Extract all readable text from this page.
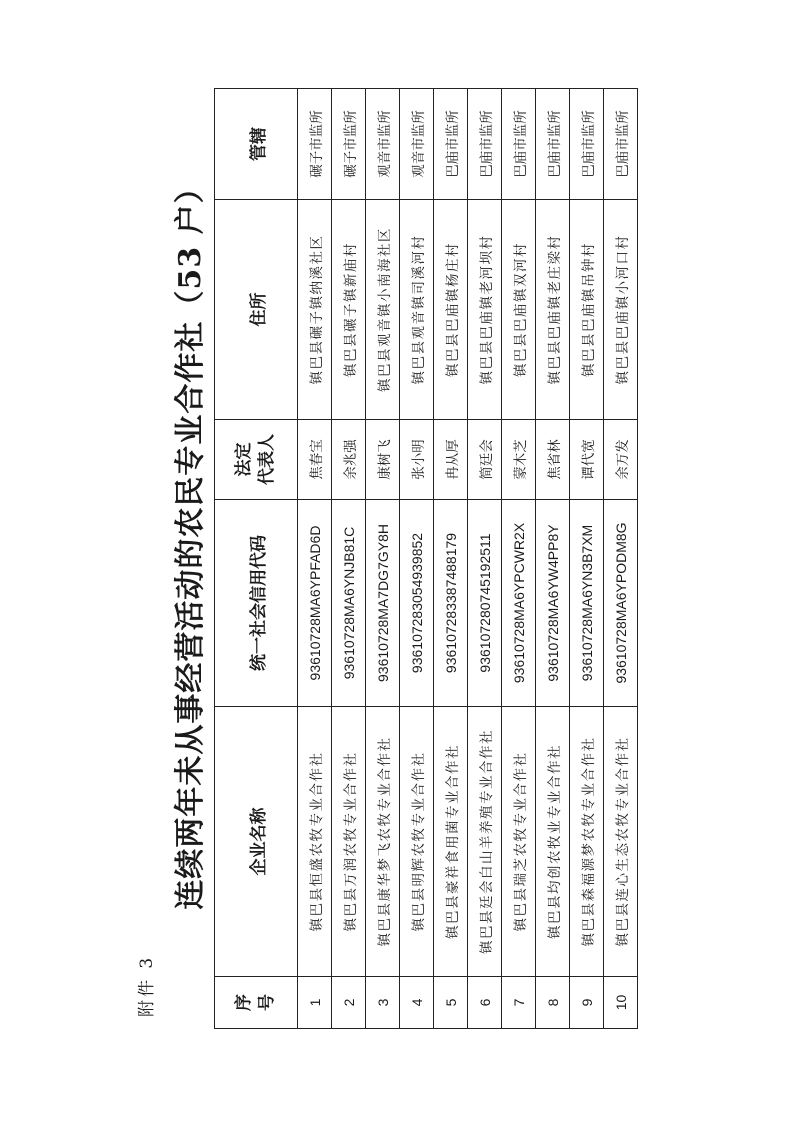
附件 3
连续两年未从事经营活动的农民专业合作社（53 户）
序 号	企业名称	统一社会信用代码	法定 代表人	住所	管辖
1	镇巴县恒盛农牧专业合作社	93610728MA6YPFAD6D	焦春宝	镇巴县碾子镇纳溪社区	碾子市监所
2	镇巴县万润农牧专业合作社	93610728MA6YNJB81C	余兆强	镇巴县碾子镇新庙村	碾子市监所
3	镇巴县康华梦飞农牧专业合作社	93610728MA7DG7GY8H	康树飞	镇巴县观音镇小南海社区	观音市监所
4	镇巴县明辉农牧专业合作社	936107283054939852	张小明	镇巴县观音镇司溪河村	观音市监所
5	镇巴县豪祥食用菌专业合作社	936107283387488179	冉从厚	镇巴县巴庙镇杨庄村	巴庙市监所
6	镇巴县廷会白山羊养殖专业合作社	936107280745192511	简廷会	镇巴县巴庙镇老河坝村	巴庙市监所
7	镇巴县瑞芝农牧专业合作社	93610728MA6YPCWR2X	蒙木芝	镇巴县巴庙镇双河村	巴庙市监所
8	镇巴县均创农牧业专业合作社	93610728MA6YW4PP8Y	焦省林	镇巴县巴庙镇老庄梁村	巴庙市监所
9	镇巴县森福源梦农牧专业合作社	93610728MA6YN3B7XM	谭代宽	镇巴县巴庙镇吊钟村	巴庙市监所
10	镇巴县连心生态农牧专业合作社	93610728MA6YPODM8G	余万发	镇巴县巴庙镇小河口村	巴庙市监所
